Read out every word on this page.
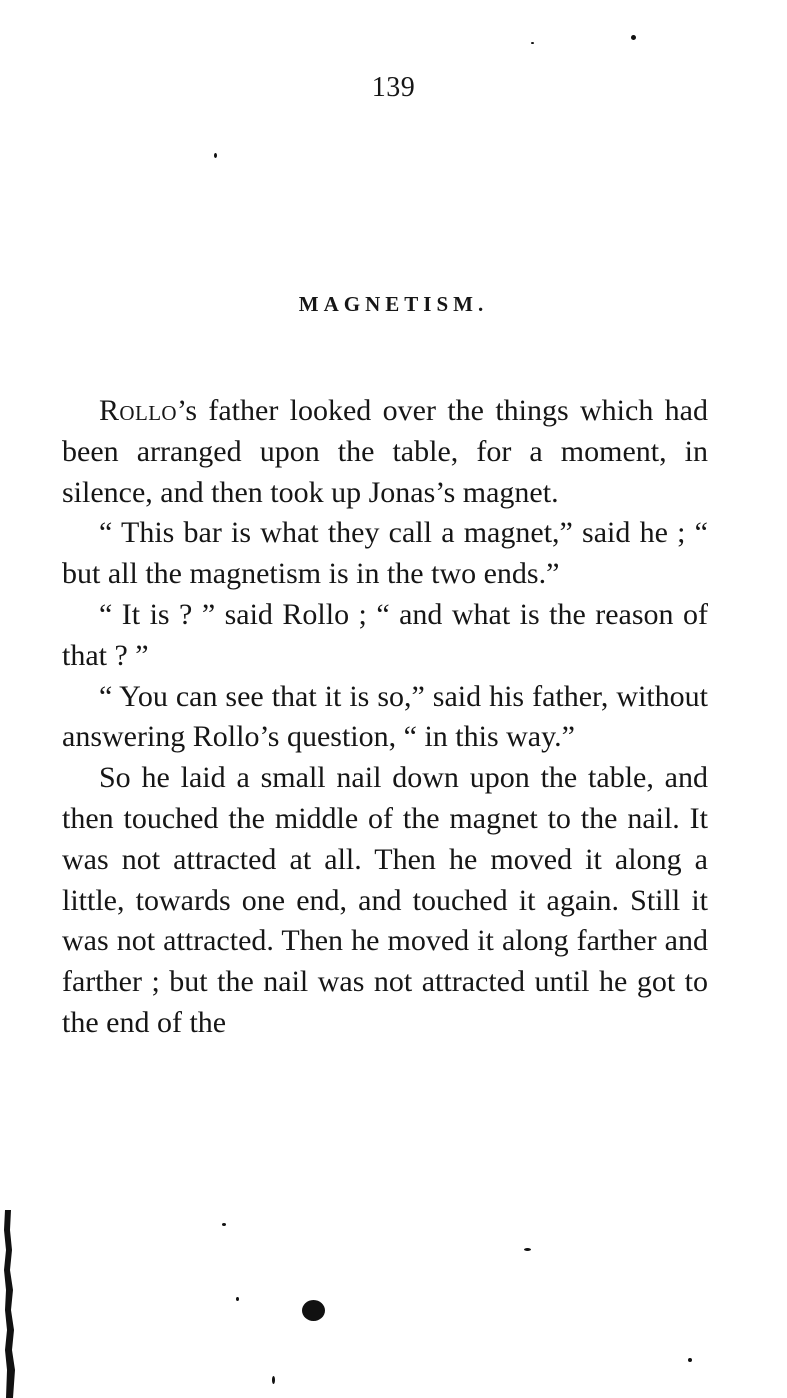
139
MAGNETISM.

Rollo’s father looked over the things which had been arranged upon the table, for a moment, in silence, and then took up Jonas’s magnet.

“ This bar is what they call a magnet,” said he ; “ but all the magnetism is in the two ends.”

“ It is ? ” said Rollo ; “ and what is the reason of that ? ”

“ You can see that it is so,” said his father, without answering Rollo’s question, “ in this way.”

So he laid a small nail down upon the table, and then touched the middle of the magnet to the nail. It was not attracted at all. Then he moved it along a little, towards one end, and touched it again. Still it was not attracted. Then he moved it along farther and farther ; but the nail was not attracted until he got to the end of the
